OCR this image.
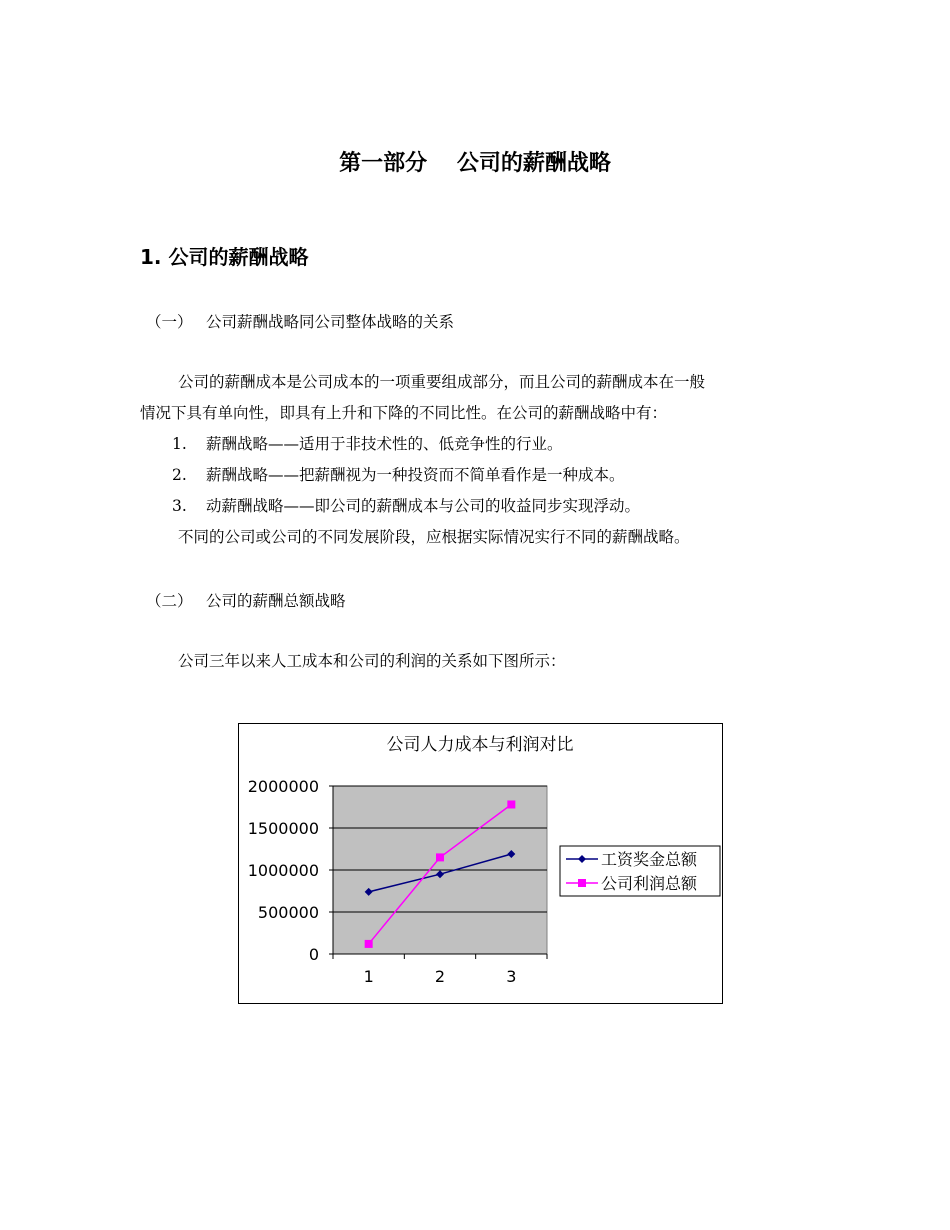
第一部分　 公司的薪酬战略
1. 公司的薪酬战略
（一） 公司薪酬战略同公司整体战略的关系
公司的薪酬成本是公司成本的一项重要组成部分，而且公司的薪酬成本在一般
情况下具有单向性，即具有上升和下降的不同比性。在公司的薪酬战略中有：
1. 薪酬战略——适用于非技术性的、低竞争性的行业。
2. 薪酬战略——把薪酬视为一种投资而不简单看作是一种成本。
3. 动薪酬战略——即公司的薪酬成本与公司的收益同步实现浮动。
不同的公司或公司的不同发展阶段，应根据实际情况实行不同的薪酬战略。
（二） 公司的薪酬总额战略
公司三年以来人工成本和公司的利润的关系如下图所示：
公司人力成本与利润对比
0
500000
1000000
1500000
2000000
1	2	3
工资奖金总额
公司利润总额
